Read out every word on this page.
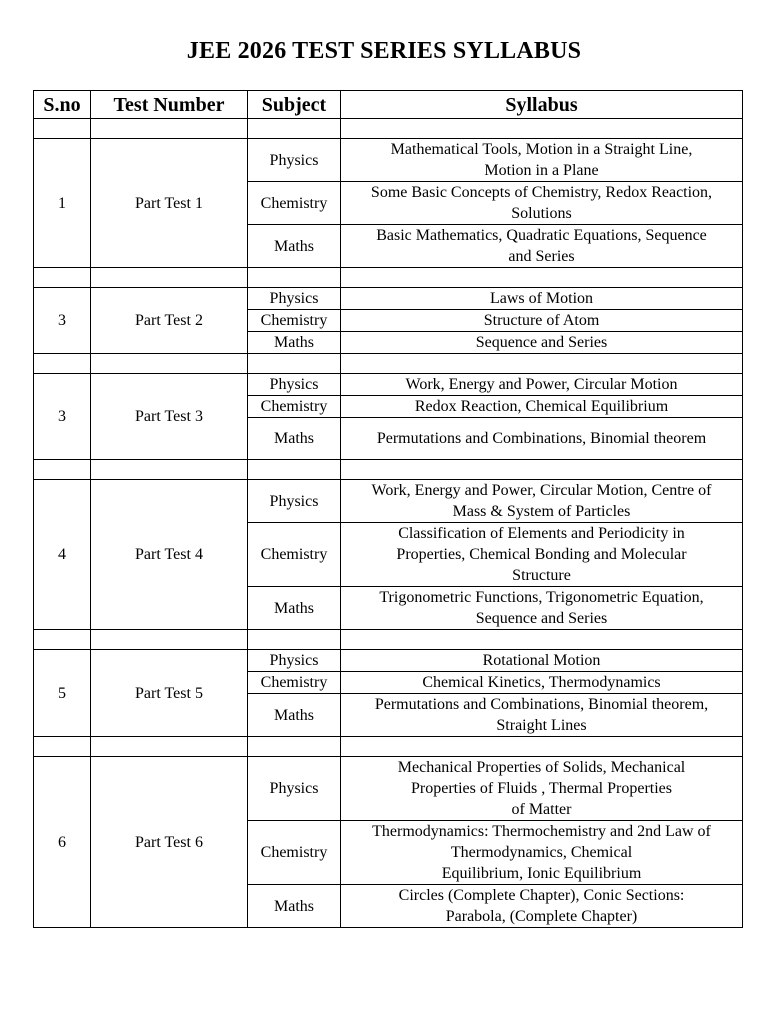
JEE 2026 TEST SERIES SYLLABUS
S.no	Test Number	Subject	Syllabus

1	Part Test 1	Physics	Mathematical Tools, Motion in a Straight Line,
Motion in a Plane
		Chemistry	Some Basic Concepts of Chemistry, Redox Reaction,
Solutions
		Maths	Basic Mathematics, Quadratic Equations, Sequence
and Series

3	Part Test 2	Physics	Laws of Motion
		Chemistry	Structure of Atom
		Maths	Sequence and Series

3	Part Test 3	Physics	Work, Energy and Power, Circular Motion
		Chemistry	Redox Reaction, Chemical Equilibrium
		Maths	Permutations and Combinations, Binomial theorem

4	Part Test 4	Physics	Work, Energy and Power, Circular Motion, Centre of
Mass & System of Particles
		Chemistry	Classification of Elements and Periodicity in
Properties, Chemical Bonding and Molecular
Structure
		Maths	Trigonometric Functions, Trigonometric Equation,
Sequence and Series

5	Part Test 5	Physics	Rotational Motion
		Chemistry	Chemical Kinetics, Thermodynamics
		Maths	Permutations and Combinations, Binomial theorem,
Straight Lines

6	Part Test 6	Physics	Mechanical Properties of Solids, Mechanical
Properties of Fluids , Thermal Properties
of Matter
		Chemistry	Thermodynamics: Thermochemistry and 2nd Law of
Thermodynamics, Chemical
Equilibrium, Ionic Equilibrium
		Maths	Circles (Complete Chapter), Conic Sections:
Parabola, (Complete Chapter)
